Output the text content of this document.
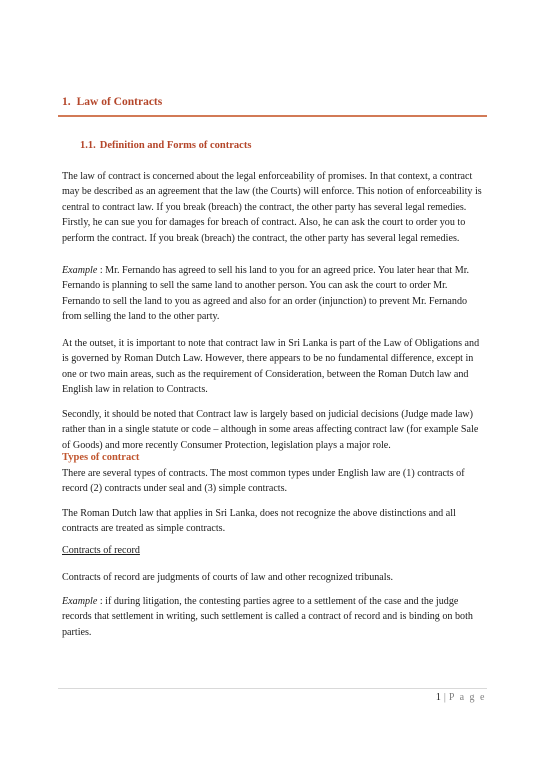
1. Law of Contracts
1.1. Definition and Forms of contracts

The law of contract is concerned about the legal enforceability of promises. In that context, a contract may be described as an agreement that the law (the Courts) will enforce. This notion of enforceability is central to contract law. If you break (breach) the contract, the other party has several legal remedies. Firstly, he can sue you for damages for breach of contract. Also, he can ask the court to order you to perform the contract. If you break (breach) the contract, the other party has several legal remedies.

Example : Mr. Fernando has agreed to sell his land to you for an agreed price. You later hear that Mr. Fernando is planning to sell the same land to another person. You can ask the court to order Mr. Fernando to sell the land to you as agreed and also for an order (injunction) to prevent Mr. Fernando from selling the land to the other party.

At the outset, it is important to note that contract law in Sri Lanka is part of the Law of Obligations and is governed by Roman Dutch Law. However, there appears to be no fundamental difference, except in one or two main areas, such as the requirement of Consideration, between the Roman Dutch law and English law in relation to Contracts.

Secondly, it should be noted that Contract law is largely based on judicial decisions (Judge made law) rather than in a single statute or code – although in some areas affecting contract law (for example Sale of Goods) and more recently Consumer Protection, legislation plays a major role.

Types of contract

There are several types of contracts. The most common types under English law are (1) contracts of record (2) contracts under seal and (3) simple contracts.

The Roman Dutch law that applies in Sri Lanka, does not recognize the above distinctions and all contracts are treated as simple contracts.

Contracts of record

Contracts of record are judgments of courts of law and other recognized tribunals.

Example : if during litigation, the contesting parties agree to a settlement of the case and the judge records that settlement in writing, such settlement is called a contract of record and is binding on both parties.

1 | P a g e
